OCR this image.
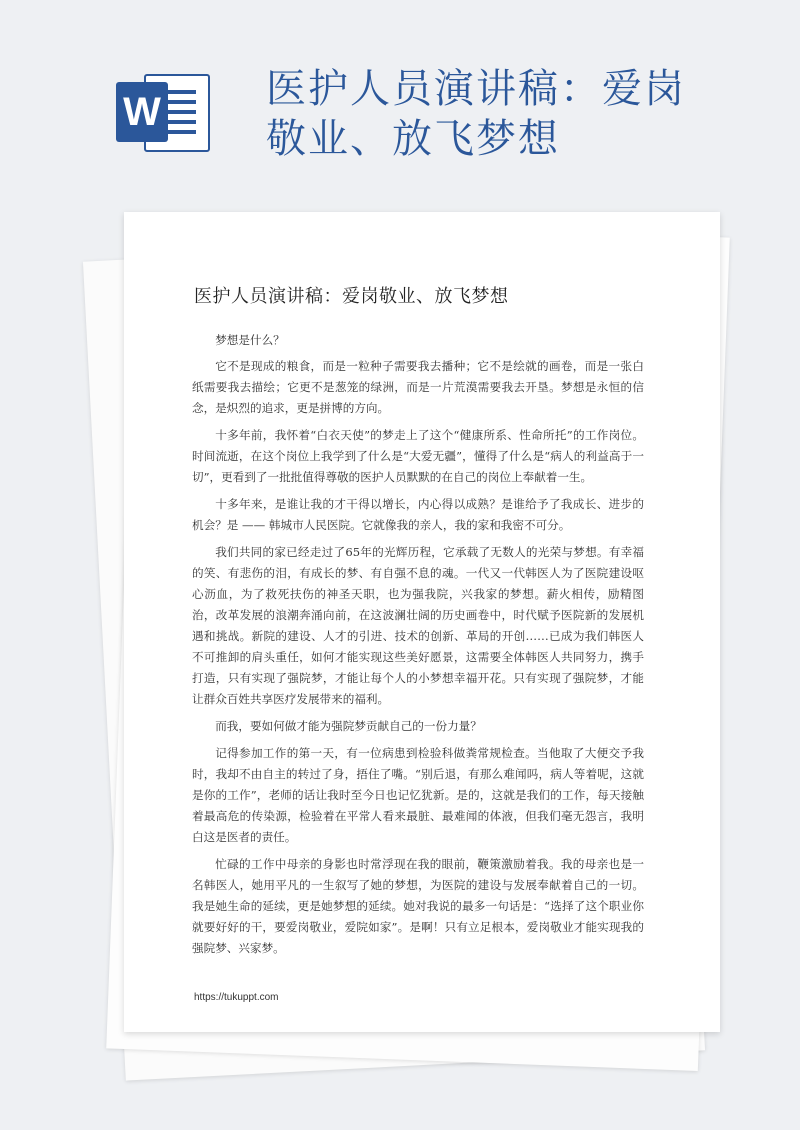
W	医护人员演讲稿：爱岗敬业、放飞梦想
医护人员演讲稿：爱岗敬业、放飞梦想

梦想是什么？

它不是现成的粮食，而是一粒种子需要我去播种；它不是绘就的画卷，而是一张白纸需要我去描绘；它更不是葱笼的绿洲，而是一片荒漠需要我去开垦。梦想是永恒的信念，是炽烈的追求，更是拼博的方向。

十多年前，我怀着“白衣天使”的梦走上了这个“健康所系、性命所托”的工作岗位。时间流逝，在这个岗位上我学到了什么是“大爱无疆”，懂得了什么是“病人的利益高于一切”，更看到了一批批值得尊敬的医护人员默默的在自己的岗位上奉献着一生。

十多年来，是谁让我的才干得以增长，内心得以成熟？是谁给予了我成长、进步的机会？是 —— 韩城市人民医院。它就像我的亲人，我的家和我密不可分。

我们共同的家已经走过了65年的光辉历程，它承载了无数人的光荣与梦想。有幸福的笑、有悲伤的泪，有成长的梦、有自强不息的魂。一代又一代韩医人为了医院建设呕心沥血，为了救死扶伤的神圣天职，也为强我院，兴我家的梦想。薪火相传，励精图治，改革发展的浪潮奔涌向前，在这波澜壮阔的历史画卷中，时代赋予医院新的发展机遇和挑战。新院的建设、人才的引进、技术的创新、革局的开创……已成为我们韩医人不可推卸的肩头重任，如何才能实现这些美好愿景，这需要全体韩医人共同努力，携手打造，只有实现了强院梦，才能让每个人的小梦想幸福开花。只有实现了强院梦，才能让群众百姓共享医疗发展带来的福利。

而我，要如何做才能为强院梦贡献自己的一份力量？

记得参加工作的第一天，有一位病患到检验科做粪常规检查。当他取了大便交予我时，我却不由自主的转过了身，捂住了嘴。“别后退，有那么难闻吗，病人等着呢，这就是你的工作”，老师的话让我时至今日也记忆犹新。是的，这就是我们的工作，每天接触着最高危的传染源，检验着在平常人看来最脏、最难闻的体液，但我们毫无怨言，我明白这是医者的责任。

忙碌的工作中母亲的身影也时常浮现在我的眼前，鞭策激励着我。我的母亲也是一名韩医人，她用平凡的一生叙写了她的梦想，为医院的建设与发展奉献着自己的一切。我是她生命的延续，更是她梦想的延续。她对我说的最多一句话是：“选择了这个职业你就要好好的干，要爱岗敬业，爱院如家”。是啊！只有立足根本，爱岗敬业才能实现我的强院梦、兴家梦。

https://tukuppt.com
